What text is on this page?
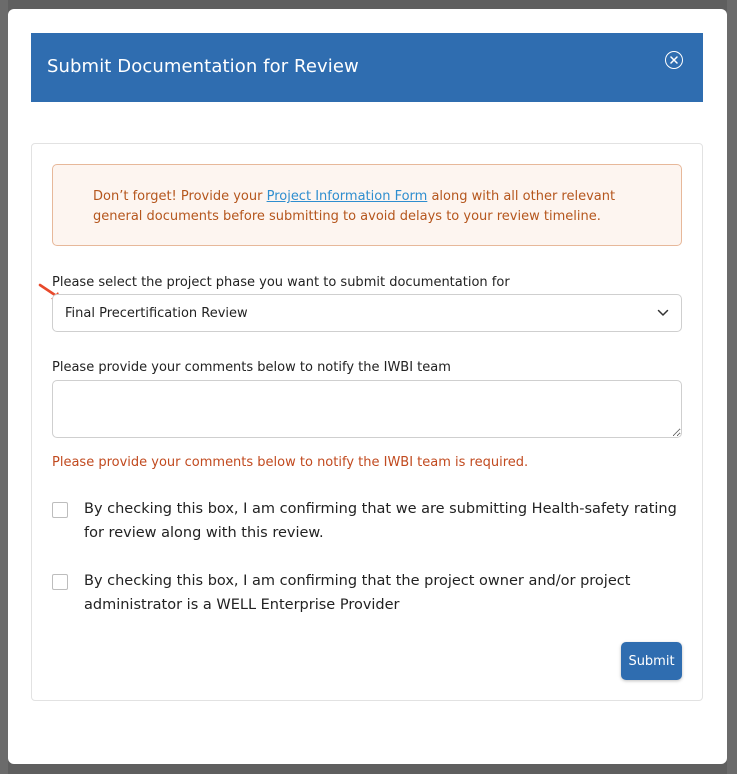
Submit Documentation for Review
Don’t forget! Provide your Project Information Form along with all other relevant general documents before submitting to avoid delays to your review timeline.
Please select the project phase you want to submit documentation for
Final Precertification Review
Please provide your comments below to notify the IWBI team
Please provide your comments below to notify the IWBI team is required.
By checking this box, I am confirming that we are submitting Health-safety rating for review along with this review.
By checking this box, I am confirming that the project owner and/or project administrator is a WELL Enterprise Provider
Submit
